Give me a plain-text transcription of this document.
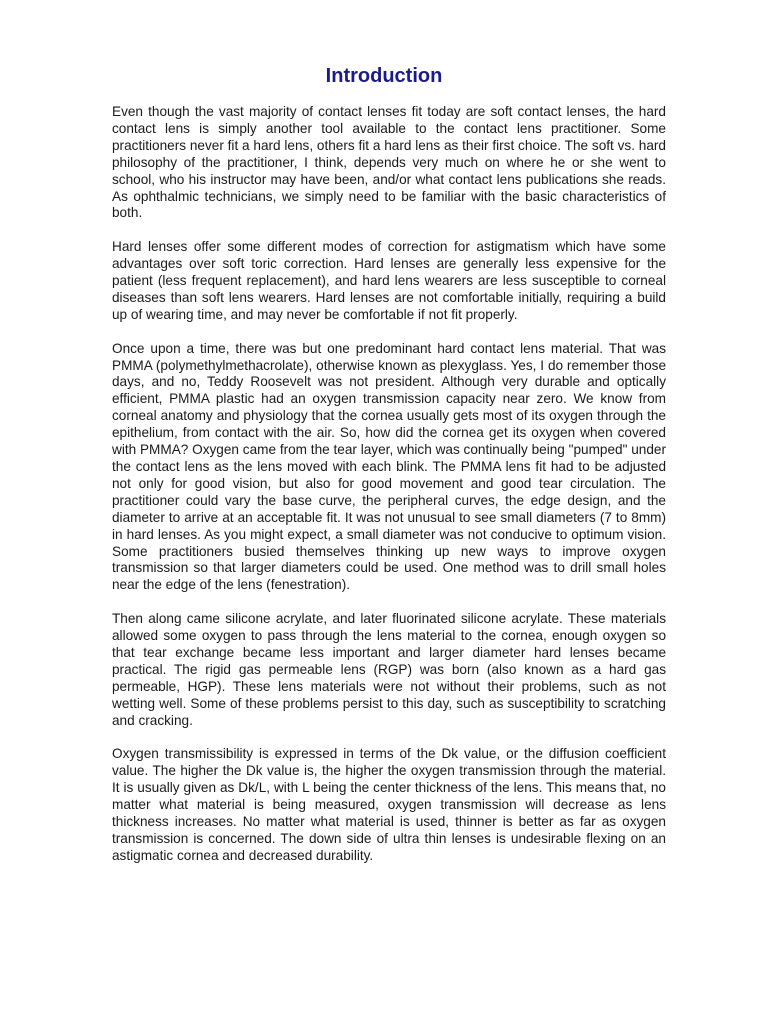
Introduction

Even though the vast majority of contact lenses fit today are soft contact lenses, the hard contact lens is simply another tool available to the contact lens practitioner. Some practitioners never fit a hard lens, others fit a hard lens as their first choice. The soft vs. hard philosophy of the practitioner, I think, depends very much on where he or she went to school, who his instructor may have been, and/or what contact lens publications she reads. As ophthalmic technicians, we simply need to be familiar with the basic characteristics of both.

Hard lenses offer some different modes of correction for astigmatism which have some advantages over soft toric correction. Hard lenses are generally less expensive for the patient (less frequent replacement), and hard lens wearers are less susceptible to corneal diseases than soft lens wearers. Hard lenses are not comfortable initially, requiring a build up of wearing time, and may never be comfortable if not fit properly.

Once upon a time, there was but one predominant hard contact lens material. That was PMMA (polymethylmethacrolate), otherwise known as plexyglass. Yes, I do remember those days, and no, Teddy Roosevelt was not president. Although very durable and optically efficient, PMMA plastic had an oxygen transmission capacity near zero. We know from corneal anatomy and physiology that the cornea usually gets most of its oxygen through the epithelium, from contact with the air. So, how did the cornea get its oxygen when covered with PMMA? Oxygen came from the tear layer, which was continually being "pumped" under the contact lens as the lens moved with each blink. The PMMA lens fit had to be adjusted not only for good vision, but also for good movement and good tear circulation. The practitioner could vary the base curve, the peripheral curves, the edge design, and the diameter to arrive at an acceptable fit. It was not unusual to see small diameters (7 to 8mm) in hard lenses. As you might expect, a small diameter was not conducive to optimum vision. Some practitioners busied themselves thinking up new ways to improve oxygen transmission so that larger diameters could be used. One method was to drill small holes near the edge of the lens (fenestration).

Then along came silicone acrylate, and later fluorinated silicone acrylate. These materials allowed some oxygen to pass through the lens material to the cornea, enough oxygen so that tear exchange became less important and larger diameter hard lenses became practical. The rigid gas permeable lens (RGP) was born (also known as a hard gas permeable, HGP). These lens materials were not without their problems, such as not wetting well. Some of these problems persist to this day, such as susceptibility to scratching and cracking.

Oxygen transmissibility is expressed in terms of the Dk value, or the diffusion coefficient value. The higher the Dk value is, the higher the oxygen transmission through the material. It is usually given as Dk/L, with L being the center thickness of the lens. This means that, no matter what material is being measured, oxygen transmission will decrease as lens thickness increases. No matter what material is used, thinner is better as far as oxygen transmission is concerned. The down side of ultra thin lenses is undesirable flexing on an astigmatic cornea and decreased durability.
